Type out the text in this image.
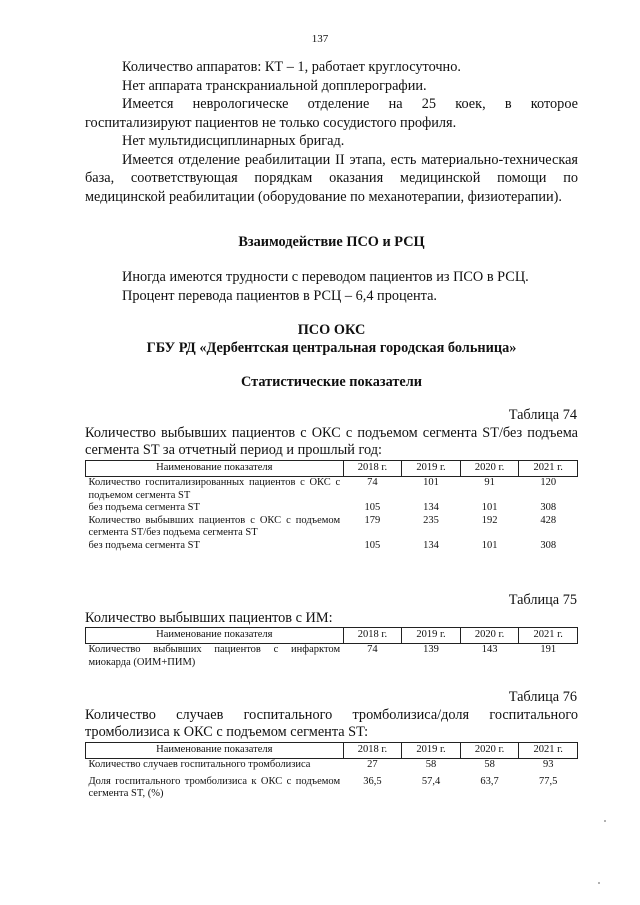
137

Количество аппаратов: КТ – 1, работает круглосуточно.

Нет аппарата транскраниальной допплерографии.

Имеется неврологическе отделение на 25 коек, в которое госпитализируют пациентов не только сосудистого профиля.

Нет мультидисциплинарных бригад.

Имеется отделение реабилитации II этапа, есть материально-техническая база, соответствующая порядкам оказания медицинской помощи по медицинской реабилитации (оборудование по механотерапии, физиотерапии).

Взаимодействие ПСО и РСЦ

Иногда имеются трудности с переводом пациентов из ПСО в РСЦ.

Процент перевода пациентов в РСЦ – 6,4 процента.

ПСО ОКС
ГБУ РД «Дербентская центральная городская больница»
Статистические показатели
Таблица 74
Количество выбывших пациентов с ОКС с подъемом сегмента ST/без подъема сегмента ST за отчетный период и прошлый год:
Наименование показателя	2018 г.	2019 г.	2020 г.	2021 г.
Количество госпитализированных пациентов с ОКС с подъемом сегмента ST	74	101	91	120
без подъема сегмента ST	105	134	101	308
Количество выбывших пациентов с ОКС с подъемом сегмента ST/без подъема сегмента ST	179	235	192	428
без подъема сегмента ST	105	134	101	308
Таблица 75
Количество выбывших пациентов с ИМ:
Наименование показателя	2018 г.	2019 г.	2020 г.	2021 г.
Количество выбывших пациентов с инфарктом миокарда (ОИМ+ПИМ)	74	139	143	191
Таблица 76
Количество случаев госпитального тромболизиса/доля госпитального тромболизиса к ОКС с подъемом сегмента ST:
Наименование показателя	2018 г.	2019 г.	2020 г.	2021 г.
Количество случаев госпитального тромболизиса	27	58	58	93

Доля госпитального тромболизиса к ОКС с подъемом сегмента ST, (%)	36,5	57,4	63,7	77,5
